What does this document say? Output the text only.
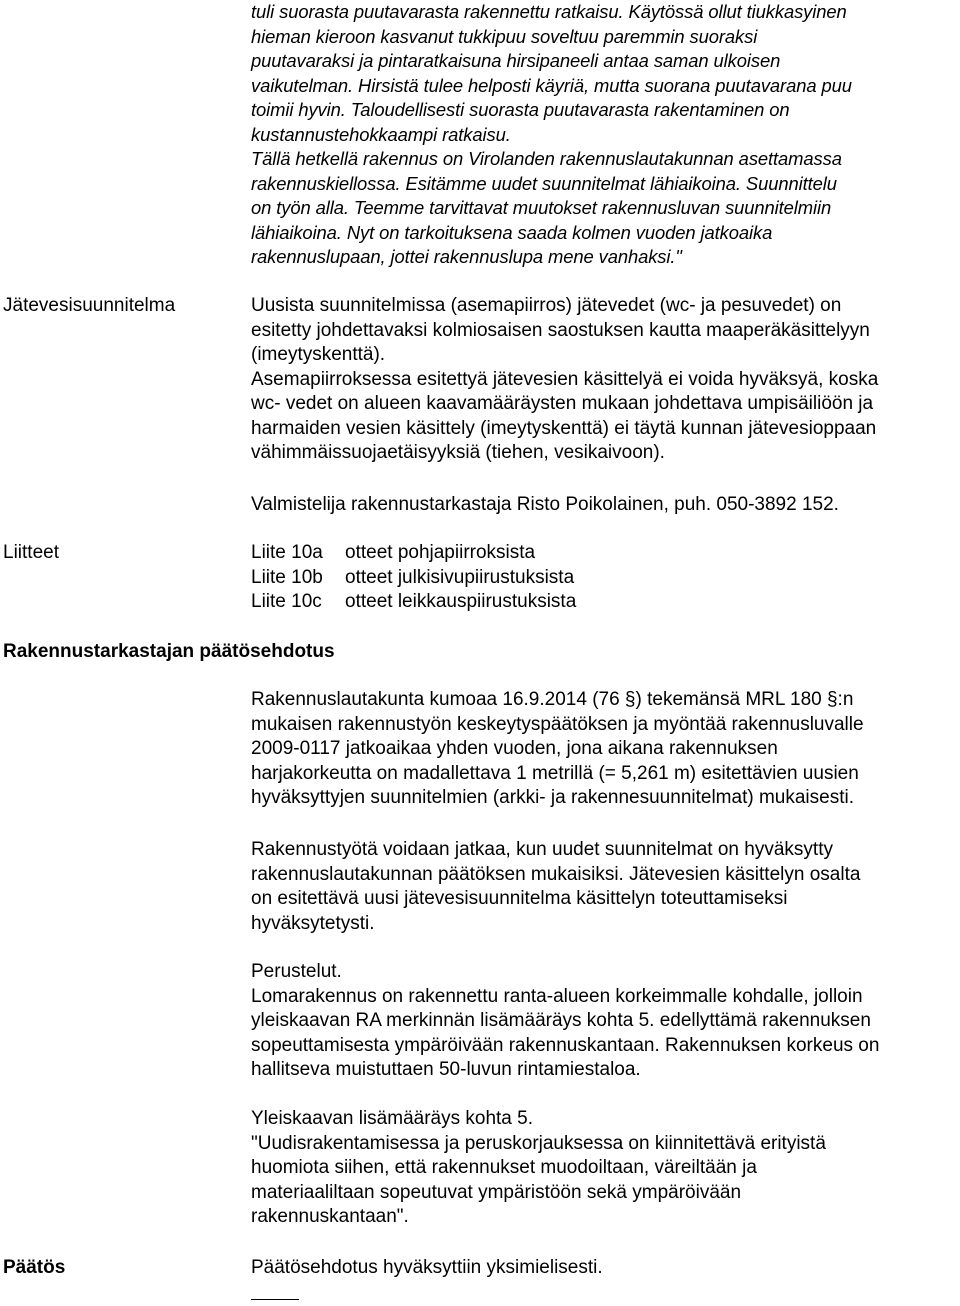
tuli suorasta puutavarasta rakennettu ratkaisu. Käytössä ollut tiukkasyinen
hieman kieroon kasvanut tukkipuu soveltuu paremmin suoraksi
puutavaraksi ja pintaratkaisuna hirsipaneeli antaa saman ulkoisen
vaikutelman. Hirsistä tulee helposti käyriä, mutta suorana puutavarana puu
toimii hyvin. Taloudellisesti suorasta puutavarasta rakentaminen on
kustannustehokkaampi ratkaisu.

Tällä hetkellä rakennus on Virolanden rakennuslautakunnan asettamassa
rakennuskiellossa. Esitämme uudet suunnitelmat lähiaikoina. Suunnittelu
on työn alla. Teemme tarvittavat muutokset rakennusluvan suunnitelmiin
lähiaikoina. Nyt on tarkoituksena saada kolmen vuoden jatkoaika
rakennuslupaan, jottei rakennuslupa mene vanhaksi."

Jätevesisuunnitelma	Uusista suunnitelmissa (asemapiirros) jätevedet (wc- ja pesuvedet) on
esitetty johdettavaksi kolmiosaisen saostuksen kautta maaperäkäsittelyyn
(imeytyskenttä).
Asemapiirroksessa esitettyä jätevesien käsittelyä ei voida hyväksyä, koska
wc- vedet on alueen kaavamääräysten mukaan johdettava umpisäiliöön ja
harmaiden vesien käsittely (imeytyskenttä) ei täytä kunnan jätevesioppaan
vähimmäissuojaetäisyyksiä (tiehen, vesikaivoon).

Valmistelija rakennustarkastaja Risto Poikolainen, puh. 050-3892 152.

Liitteet	Liite 10a	otteet pohjapiirroksista
Liite 10b	otteet julkisivupiirustuksista
Liite 10c	otteet leikkauspiirustuksista

Rakennustarkastajan päätösehdotus

Rakennuslautakunta kumoaa 16.9.2014 (76 §) tekemänsä MRL 180 §:n
mukaisen rakennustyön keskeytyspäätöksen ja myöntää rakennusluvalle
2009-0117 jatkoaikaa yhden vuoden, jona aikana rakennuksen
harjakorkeutta on madallettava 1 metrillä (= 5,261 m) esitettävien uusien
hyväksyttyjen suunnitelmien (arkki- ja rakennesuunnitelmat) mukaisesti.

Rakennustyötä voidaan jatkaa, kun uudet suunnitelmat on hyväksytty
rakennuslautakunnan päätöksen mukaisiksi. Jätevesien käsittelyn osalta
on esitettävä uusi jätevesisuunnitelma käsittelyn toteuttamiseksi
hyväksytetysti.

Perustelut.
Lomarakennus on rakennettu ranta-alueen korkeimmalle kohdalle, jolloin
yleiskaavan RA merkinnän lisämääräys kohta 5. edellyttämä rakennuksen
sopeuttamisesta ympäröivään rakennuskantaan. Rakennuksen korkeus on
hallitseva muistuttaen 50-luvun rintamiestaloa.

Yleiskaavan lisämääräys kohta 5.
"Uudisrakentamisessa ja peruskorjauksessa on kiinnitettävä erityistä
huomiota siihen, että rakennukset muodoiltaan, väreiltään ja
materiaaliltaan sopeutuvat ympäristöön sekä ympäröivään
rakennuskantaan".

Päätös	Päätösehdotus hyväksyttiin yksimielisesti.
